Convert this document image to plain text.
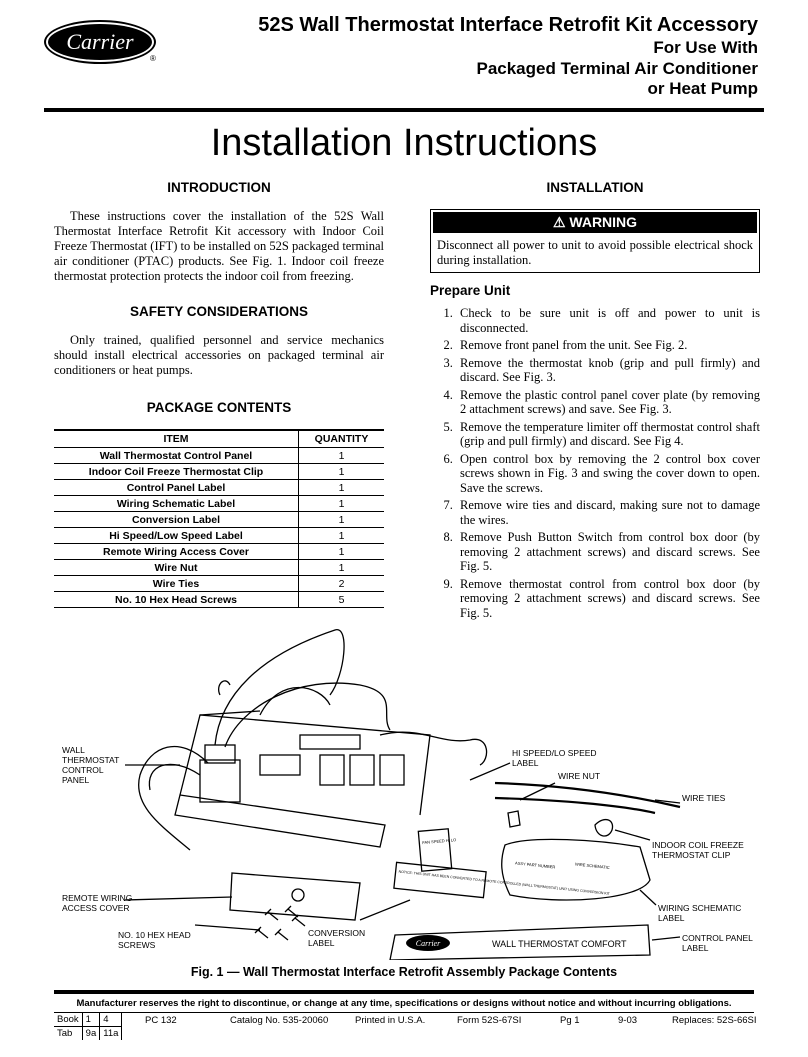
Carrier
®
52S Wall Thermostat Interface Retrofit Kit Accessory
For Use With
Packaged Terminal Air Conditioner
or Heat Pump
Installation Instructions
INTRODUCTION

These instructions cover the installation of the 52S Wall Thermostat Interface Retrofit Kit accessory with Indoor Coil Freeze Thermostat (IFT) to be installed on 52S packaged terminal air conditioner (PTAC) products. See Fig. 1. Indoor coil freeze thermostat protection protects the indoor coil from freezing.

SAFETY CONSIDERATIONS

Only trained, qualified personnel and service mechanics should install electrical accessories on packaged terminal air conditioners or heat pumps.

PACKAGE CONTENTS
ITEM	QUANTITY
Wall Thermostat Control Panel	1
Indoor Coil Freeze Thermostat Clip	1
Control Panel Label	1
Wiring Schematic Label	1
Conversion Label	1
Hi Speed/Low Speed Label	1
Remote Wiring Access Cover	1
Wire Nut	1
Wire Ties	2
No. 10 Hex Head Screws	5
INSTALLATION
⚠ WARNING
Disconnect all power to unit to avoid possible electrical shock during installation.
Prepare Unit
1. Check to be sure unit is off and power to unit is disconnected.
2. Remove front panel from the unit. See Fig. 2.
3. Remove the thermostat knob (grip and pull firmly) and discard. See Fig. 3.
4. Remove the plastic control panel cover plate (by removing 2 attachment screws) and save. See Fig. 3.
5. Remove the temperature limiter off thermostat control shaft (grip and pull firmly) and discard. See Fig 4.
6. Open control box by removing the 2 control box cover screws shown in Fig. 3 and swing the cover down to open. Save the screws.
7. Remove wire ties and discard, making sure not to damage the wires.
8. Remove Push Button Switch from control box door (by removing 2 attachment screws) and discard screws. See Fig. 5.
9. Remove thermostat control from control box door (by removing 2 attachment screws) and discard screws. See Fig. 5.
FAN SPEED HI LO
NOTICE: THIS UNIT HAS BEEN CONVERTED TO A REMOTE CONTROLLED (WALL THERMOSTAT) UNIT USING CONVERSION KIT
ASSY PART NUMBER	WIRE SCHEMATIC
Carrier	WALL THERMOSTAT COMFORT
WALL THERMOSTAT CONTROL PANEL
HI SPEED/LO SPEED LABEL
WIRE NUT
WIRE TIES
INDOOR COIL FREEZE THERMOSTAT CLIP
REMOTE WIRING ACCESS COVER	WIRING SCHEMATIC LABEL
NO. 10 HEX HEAD SCREWS
CONVERSION LABEL	CONTROL PANEL LABEL
Fig. 1 — Wall Thermostat Interface Retrofit Assembly Package Contents
Manufacturer reserves the right to discontinue, or change at any time, specifications or designs without notice and without incurring obligations.
Book	1	4
Tab	9a	11a
PC 132	Catalog No. 535-20060	Printed in U.S.A.	Form 52S-67SI	Pg 1	9-03	Replaces: 52S-66SI
